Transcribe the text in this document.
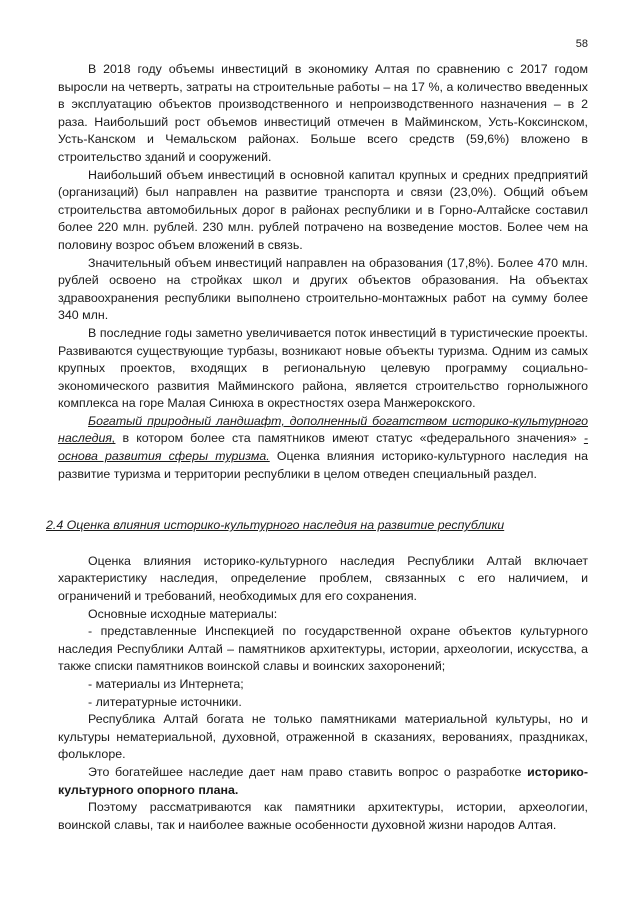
58

В 2018 году объемы инвестиций в экономику Алтая по сравнению с 2017 годом выросли на четверть, затраты на строительные работы – на 17 %, а количество введенных в эксплуатацию объектов производственного и непроизводственного назначения – в 2 раза. Наибольший рост объемов инвестиций отмечен в Майминском, Усть-Коксинском, Усть-Канском и Чемальском районах. Больше всего средств (59,6%) вложено в строительство зданий и сооружений.

Наибольший объем инвестиций в основной капитал крупных и средних предприятий (организаций) был направлен на развитие транспорта и связи (23,0%). Общий объем строительства автомобильных дорог в районах республики и в Горно-Алтайске составил более 220 млн. рублей. 230 млн. рублей потрачено на возведение мостов. Более чем на половину возрос объем вложений в связь.

Значительный объем инвестиций направлен на образования (17,8%). Более 470 млн. рублей освоено на стройках школ и других объектов образования. На объектах здравоохранения республики выполнено строительно-монтажных работ на сумму более 340 млн.

В последние годы заметно увеличивается поток инвестиций в туристические проекты. Развиваются существующие турбазы, возникают новые объекты туризма. Одним из самых крупных проектов, входящих в региональную целевую программу социально-экономического развития Майминского района, является строительство горнолыжного комплекса на горе Малая Синюха в окрестностях озера Манжерокского.

Богатый природный ландшафт, дополненный богатством историко-культурного наследия, в котором более ста памятников имеют статус «федерального значения» - основа развития сферы туризма. Оценка влияния историко-культурного наследия на развитие туризма и территории республики в целом отведен специальный раздел.

2.4 Оценка влияния историко-культурного наследия на развитие республики

Оценка влияния историко-культурного наследия Республики Алтай включает характеристику наследия, определение проблем, связанных с его наличием, и ограничений и требований, необходимых для его сохранения.

Основные исходные материалы:

- представленные Инспекцией по государственной охране объектов культурного наследия Республики Алтай – памятников архитектуры, истории, археологии, искусства, а также списки памятников воинской славы и воинских захоронений;

- материалы из Интернета;

- литературные источники.

Республика Алтай богата не только памятниками материальной культуры, но и культуры нематериальной, духовной, отраженной в сказаниях, верованиях, праздниках, фольклоре.

Это богатейшее наследие дает нам право ставить вопрос о разработке историко-культурного опорного плана.

Поэтому рассматриваются как памятники архитектуры, истории, археологии, воинской славы, так и наиболее важные особенности духовной жизни народов Алтая.
